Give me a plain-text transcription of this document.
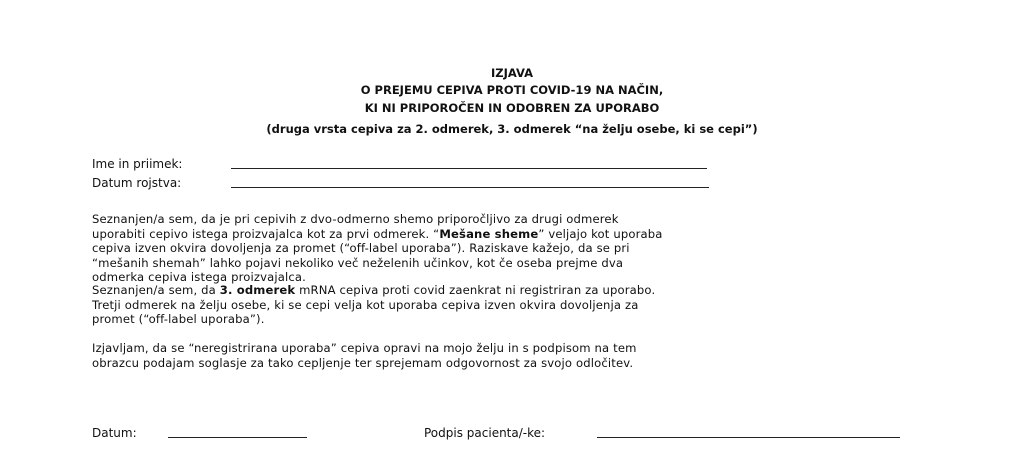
IZJAVA
O PREJEMU CEPIVA PROTI COVID-19 NA NAČIN,
KI NI PRIPOROČEN IN ODOBREN ZA UPORABO
(druga vrsta cepiva za 2. odmerek, 3. odmerek “na želju osebe, ki se cepi”)
Ime in priimek:
Datum rojstva:
Seznanjen/a sem, da je pri cepivih z dvo-odmerno shemo priporočljivo za drugi odmerek
uporabiti cepivo istega proizvajalca kot za prvi odmerek. “Mešane sheme” veljajo kot uporaba
cepiva izven okvira dovoljenja za promet (“off-label uporaba”). Raziskave kažejo, da se pri
“mešanih shemah” lahko pojavi nekoliko več neželenih učinkov, kot če oseba prejme dva
odmerka cepiva istega proizvajalca.
Seznanjen/a sem, da 3. odmerek mRNA cepiva proti covid zaenkrat ni registriran za uporabo.
Tretji odmerek na želju osebe, ki se cepi velja kot uporaba cepiva izven okvira dovoljenja za
promet (“off-label uporaba”).
Izjavljam, da se “neregistrirana uporaba” cepiva opravi na mojo želju in s podpisom na tem
obrazcu podajam soglasje za tako cepljenje ter sprejemam odgovornost za svojo odločitev.
Datum:	Podpis pacienta/-ke:
